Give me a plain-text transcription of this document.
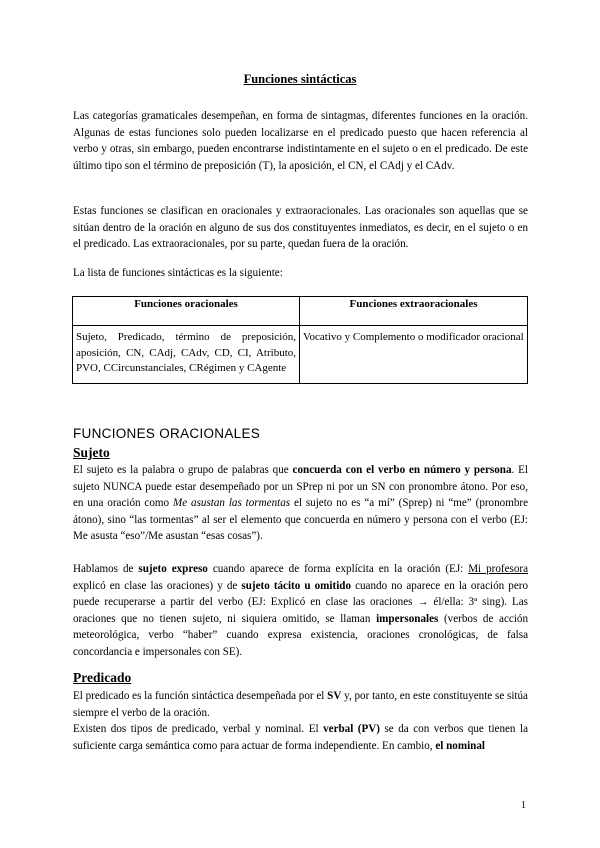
Funciones sintácticas

Las categorías gramaticales desempeñan, en forma de sintagmas, diferentes funciones en la oración. Algunas de estas funciones solo pueden localizarse en el predicado puesto que hacen referencia al verbo y otras, sin embargo, pueden encontrarse indistintamente en el sujeto o en el predicado. De este último tipo son el término de preposición (T), la aposición, el CN, el CAdj y el CAdv.

Estas funciones se clasifican en oracionales y extraoracionales. Las oracionales son aquellas que se sitúan dentro de la oración en alguno de sus dos constituyentes inmediatos, es decir, en el sujeto o en el predicado. Las extraoracionales, por su parte, quedan fuera de la oración.

La lista de funciones sintácticas es la siguiente:

Funciones oracionales	Funciones extraoracionales
Sujeto, Predicado, término de preposición, aposición, CN, CAdj, CAdv, CD, CI, Atributo, PVO, CCircunstanciales, CRégimen y CAgente	Vocativo y Complemento o modificador oracional
FUNCIONES ORACIONALES
Sujeto

El sujeto es la palabra o grupo de palabras que concuerda con el verbo en número y persona. El sujeto NUNCA puede estar desempeñado por un SPrep ni por un SN con pronombre átono. Por eso, en una oración como Me asustan las tormentas el sujeto no es “a mí” (Sprep) ni “me” (pronombre átono), sino “las tormentas” al ser el elemento que concuerda en número y persona con el verbo (EJ: Me asusta “eso”/Me asustan “esas cosas”).

Hablamos de sujeto expreso cuando aparece de forma explícita en la oración (EJ: Mi profesora explicó en clase las oraciones) y de sujeto tácito u omitido cuando no aparece en la oración pero puede recuperarse a partir del verbo (EJ: Explicó en clase las oraciones → él/ella: 3ª sing). Las oraciones que no tienen sujeto, ni siquiera omitido, se llaman impersonales (verbos de acción meteorológica, verbo “haber” cuando expresa existencia, oraciones cronológicas, de falsa concordancia e impersonales con SE).

Predicado

El predicado es la función sintáctica desempeñada por el SV y, por tanto, en este constituyente se sitúa siempre el verbo de la oración.
Existen dos tipos de predicado, verbal y nominal. El verbal (PV) se da con verbos que tienen la suficiente carga semántica como para actuar de forma independiente. En cambio, el nominal

1
